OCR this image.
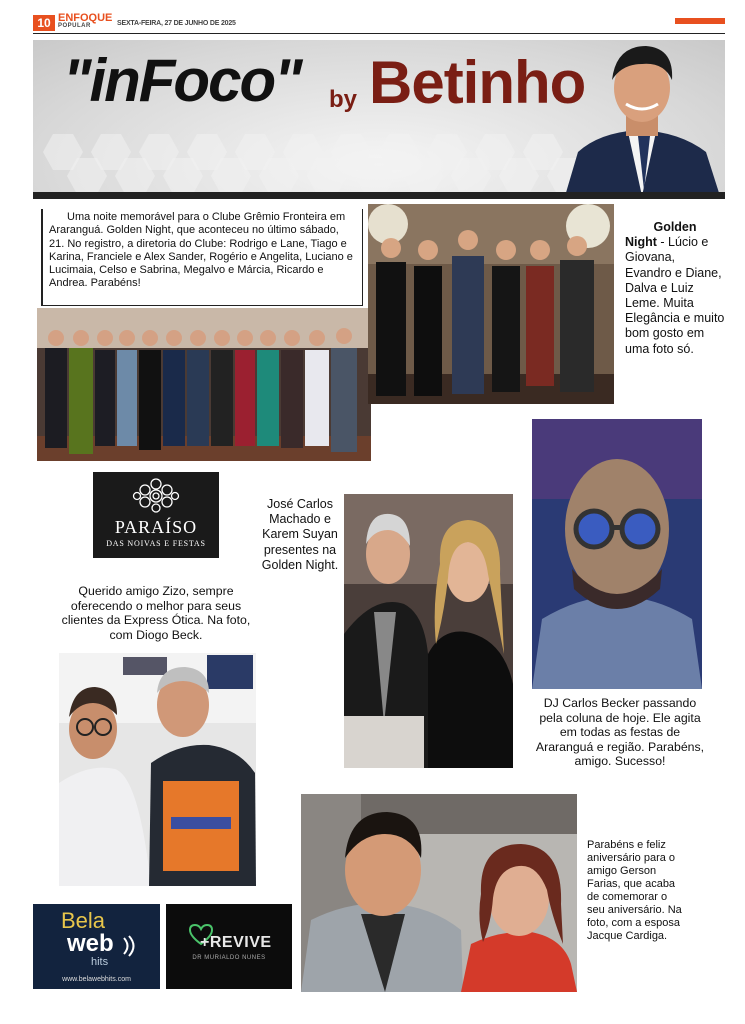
10 ENFOQUE
POPULAR	SEXTA-FEIRA, 27 DE JUNHO DE 2025
"inFoco" by Betinho
Uma noite memorável para o Clube Grêmio Fronteira em Araranguá. Golden Night, que aconteceu no último sábado, 21. No registro, a diretoria do Clube: Rodrigo e Lane, Tiago e Karina, Franciele e Alex Sander, Rogério e Angelita, Luciano e Lucimaia, Celso e Sabrina, Megalvo e Márcia, Ricardo e Andrea. Parabéns!
Golden
Night - Lúcio e Giovana, Evandro e Diane, Dalva e Luiz Leme. Muita Elegância e muito bom gosto em uma foto só.
PARAÍSO
DAS NOIVAS E FESTAS
José Carlos Machado e Karem Suyan presentes na Golden Night.
Querido amigo Zizo, sempre oferecendo o melhor para seus clientes da Express Ótica. Na foto, com Diogo Beck.
DJ Carlos Becker passando pela coluna de hoje. Ele agita em todas as festas de Araranguá e região. Parabéns, amigo. Sucesso!
Parabéns e feliz aniversário para o amigo Gerson Farias, que acaba de comemorar o seu aniversário. Na foto, com a esposa Jacque Cardiga.
Bela
web
hits
www.belawebhits.com
+REVIVE
DR MURIALDO NUNES
